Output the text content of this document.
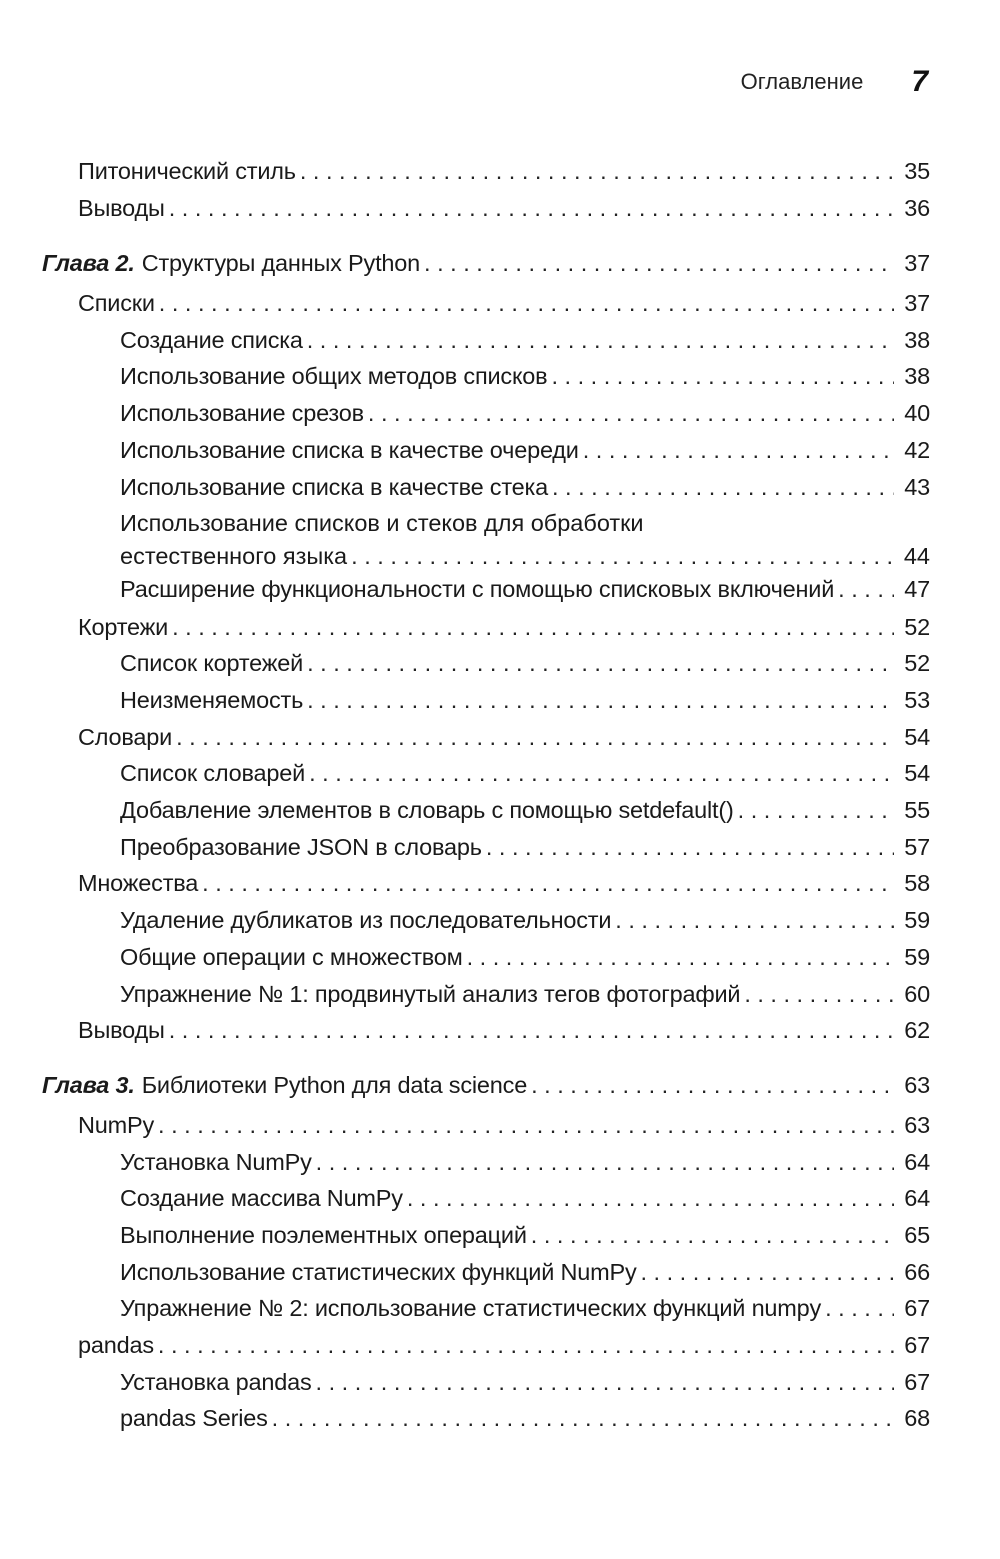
Оглавление 7
Питонический стиль . . .	35
Выводы . . .	36
Глава 2. Структуры данных Python . . .	37
Списки . . .	37
Создание списка . . .	38
Использование общих методов списков . . .	38
Использование срезов . . .	40
Использование списка в качестве очереди . . .	42
Использование списка в качестве стека . . .	43
Использование списков и стеков для обработки
естественного языка . . .	44
Расширение функциональности с помощью списковых включений . . .	47
Кортежи . . .	52
Список кортежей . . .	52
Неизменяемость . . .	53
Словари . . .	54
Список словарей . . .	54
Добавление элементов в словарь с помощью setdefault() . . .	55
Преобразование JSON в словарь . . .	57
Множества . . .	58
Удаление дубликатов из последовательности . . .	59
Общие операции с множеством . . .	59
Упражнение № 1: продвинутый анализ тегов фотографий . . .	60
Выводы . . .	62
Глава 3. Библиотеки Python для data science . . .	63
NumPy . . .	63
Установка NumPy . . .	64
Создание массива NumPy . . .	64
Выполнение поэлементных операций . . .	65
Использование статистических функций NumPy . . .	66
Упражнение № 2: использование статистических функций numpy . . .	67
pandas . . .	67
Установка pandas . . .	67
pandas Series . . .	68
